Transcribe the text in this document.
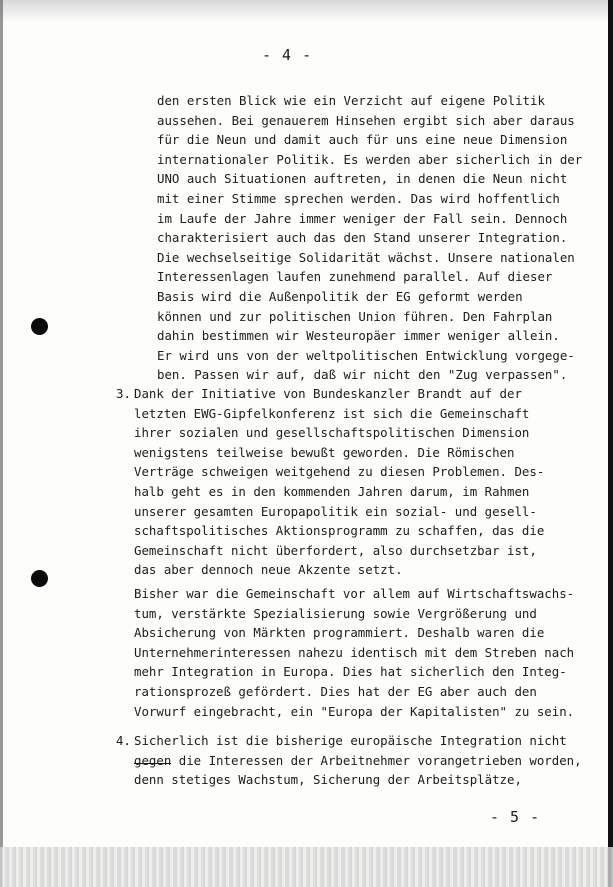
- 4 -
den ersten Blick wie ein Verzicht auf eigene Politik
aussehen. Bei genauerem Hinsehen ergibt sich aber daraus
für die Neun und damit auch für uns eine neue Dimension
internationaler Politik. Es werden aber sicherlich in der
UNO auch Situationen auftreten, in denen die Neun nicht
mit einer Stimme sprechen werden. Das wird hoffentlich
im Laufe der Jahre immer weniger der Fall sein. Dennoch
charakterisiert auch das den Stand unserer Integration.
Die wechselseitige Solidarität wächst. Unsere nationalen
Interessenlagen laufen zunehmend parallel. Auf dieser
Basis wird die Außenpolitik der EG geformt werden
können und zur politischen Union führen. Den Fahrplan
dahin bestimmen wir Westeuropäer immer weniger allein.
Er wird uns von der weltpolitischen Entwicklung vorgege-
ben. Passen wir auf, daß wir nicht den "Zug verpassen".
3. Dank der Initiative von Bundeskanzler Brandt auf der
letzten EWG-Gipfelkonferenz ist sich die Gemeinschaft
ihrer sozialen und gesellschaftspolitischen Dimension
wenigstens teilweise bewußt geworden. Die Römischen
Verträge schweigen weitgehend zu diesen Problemen. Des-
halb geht es in den kommenden Jahren darum, im Rahmen
unserer gesamten Europapolitik ein sozial- und gesell-
schaftspolitisches Aktionsprogramm zu schaffen, das die
Gemeinschaft nicht überfordert, also durchsetzbar ist,
das aber dennoch neue Akzente setzt.
Bisher war die Gemeinschaft vor allem auf Wirtschaftswachs-
tum, verstärkte Spezialisierung sowie Vergrößerung und
Absicherung von Märkten programmiert. Deshalb waren die
Unternehmerinteressen nahezu identisch mit dem Streben nach
mehr Integration in Europa. Dies hat sicherlich den Integ-
rationsprozeß gefördert. Dies hat der EG aber auch den
Vorwurf eingebracht, ein "Europa der Kapitalisten" zu sein.
4. Sicherlich ist die bisherige europäische Integration nicht
gegen die Interessen der Arbeitnehmer vorangetrieben worden,
denn stetiges Wachstum, Sicherung der Arbeitsplätze,
- 5 -
